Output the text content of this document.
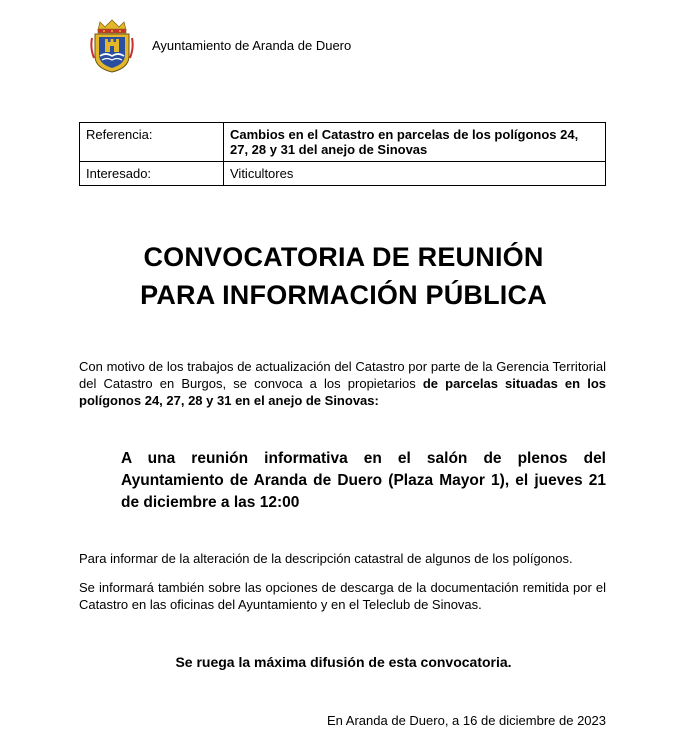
Ayuntamiento de Aranda de Duero
Referencia:	Cambios en el Catastro en parcelas de los polígonos 24, 27, 28 y 31 del anejo de Sinovas
Interesado:	Viticultores
CONVOCATORIA DE REUNIÓN
PARA INFORMACIÓN PÚBLICA
Con motivo de los trabajos de actualización del Catastro por parte de la Gerencia Territorial del Catastro en Burgos, se convoca a los propietarios de parcelas situadas en los polígonos 24, 27, 28 y 31 en el anejo de Sinovas:
A una reunión informativa en el salón de plenos del Ayuntamiento de Aranda de Duero (Plaza Mayor 1), el jueves 21 de diciembre a las 12:00
Para informar de la alteración de la descripción catastral de algunos de los polígonos.
Se informará también sobre las opciones de descarga de la documentación remitida por el Catastro en las oficinas del Ayuntamiento y en el Teleclub de Sinovas.
Se ruega la máxima difusión de esta convocatoria.
En Aranda de Duero, a 16 de diciembre de 2023
